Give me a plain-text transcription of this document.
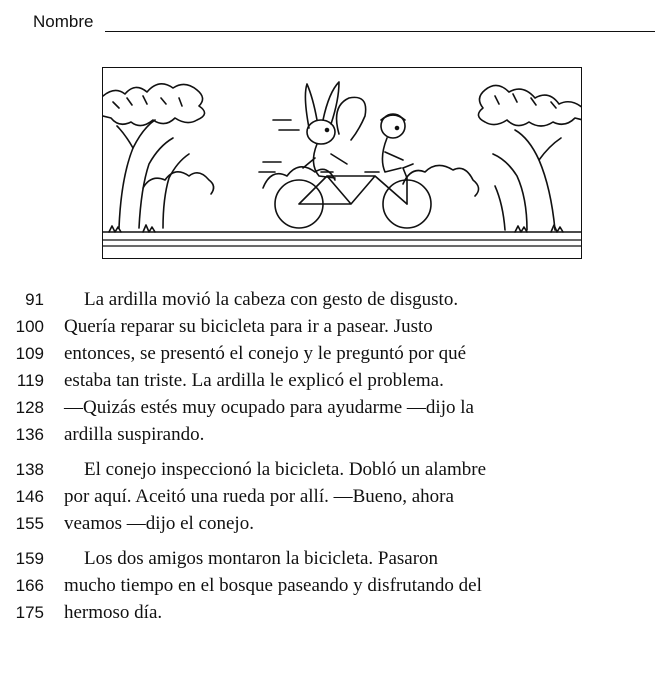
Nombre
91 La ardilla movió la cabeza con gesto de disgusto.
100 Quería reparar su bicicleta para ir a pasear. Justo
109 entonces, se presentó el conejo y le preguntó por qué
119 estaba tan triste. La ardilla le explicó el problema.
128 —Quizás estés muy ocupado para ayudarme —dijo la
136 ardilla suspirando.
138 El conejo inspeccionó la bicicleta. Dobló un alambre
146 por aquí. Aceitó una rueda por allí. —Bueno, ahora
155 veamos —dijo el conejo.
159 Los dos amigos montaron la bicicleta. Pasaron
166 mucho tiempo en el bosque paseando y disfrutando del
175 hermoso día.
